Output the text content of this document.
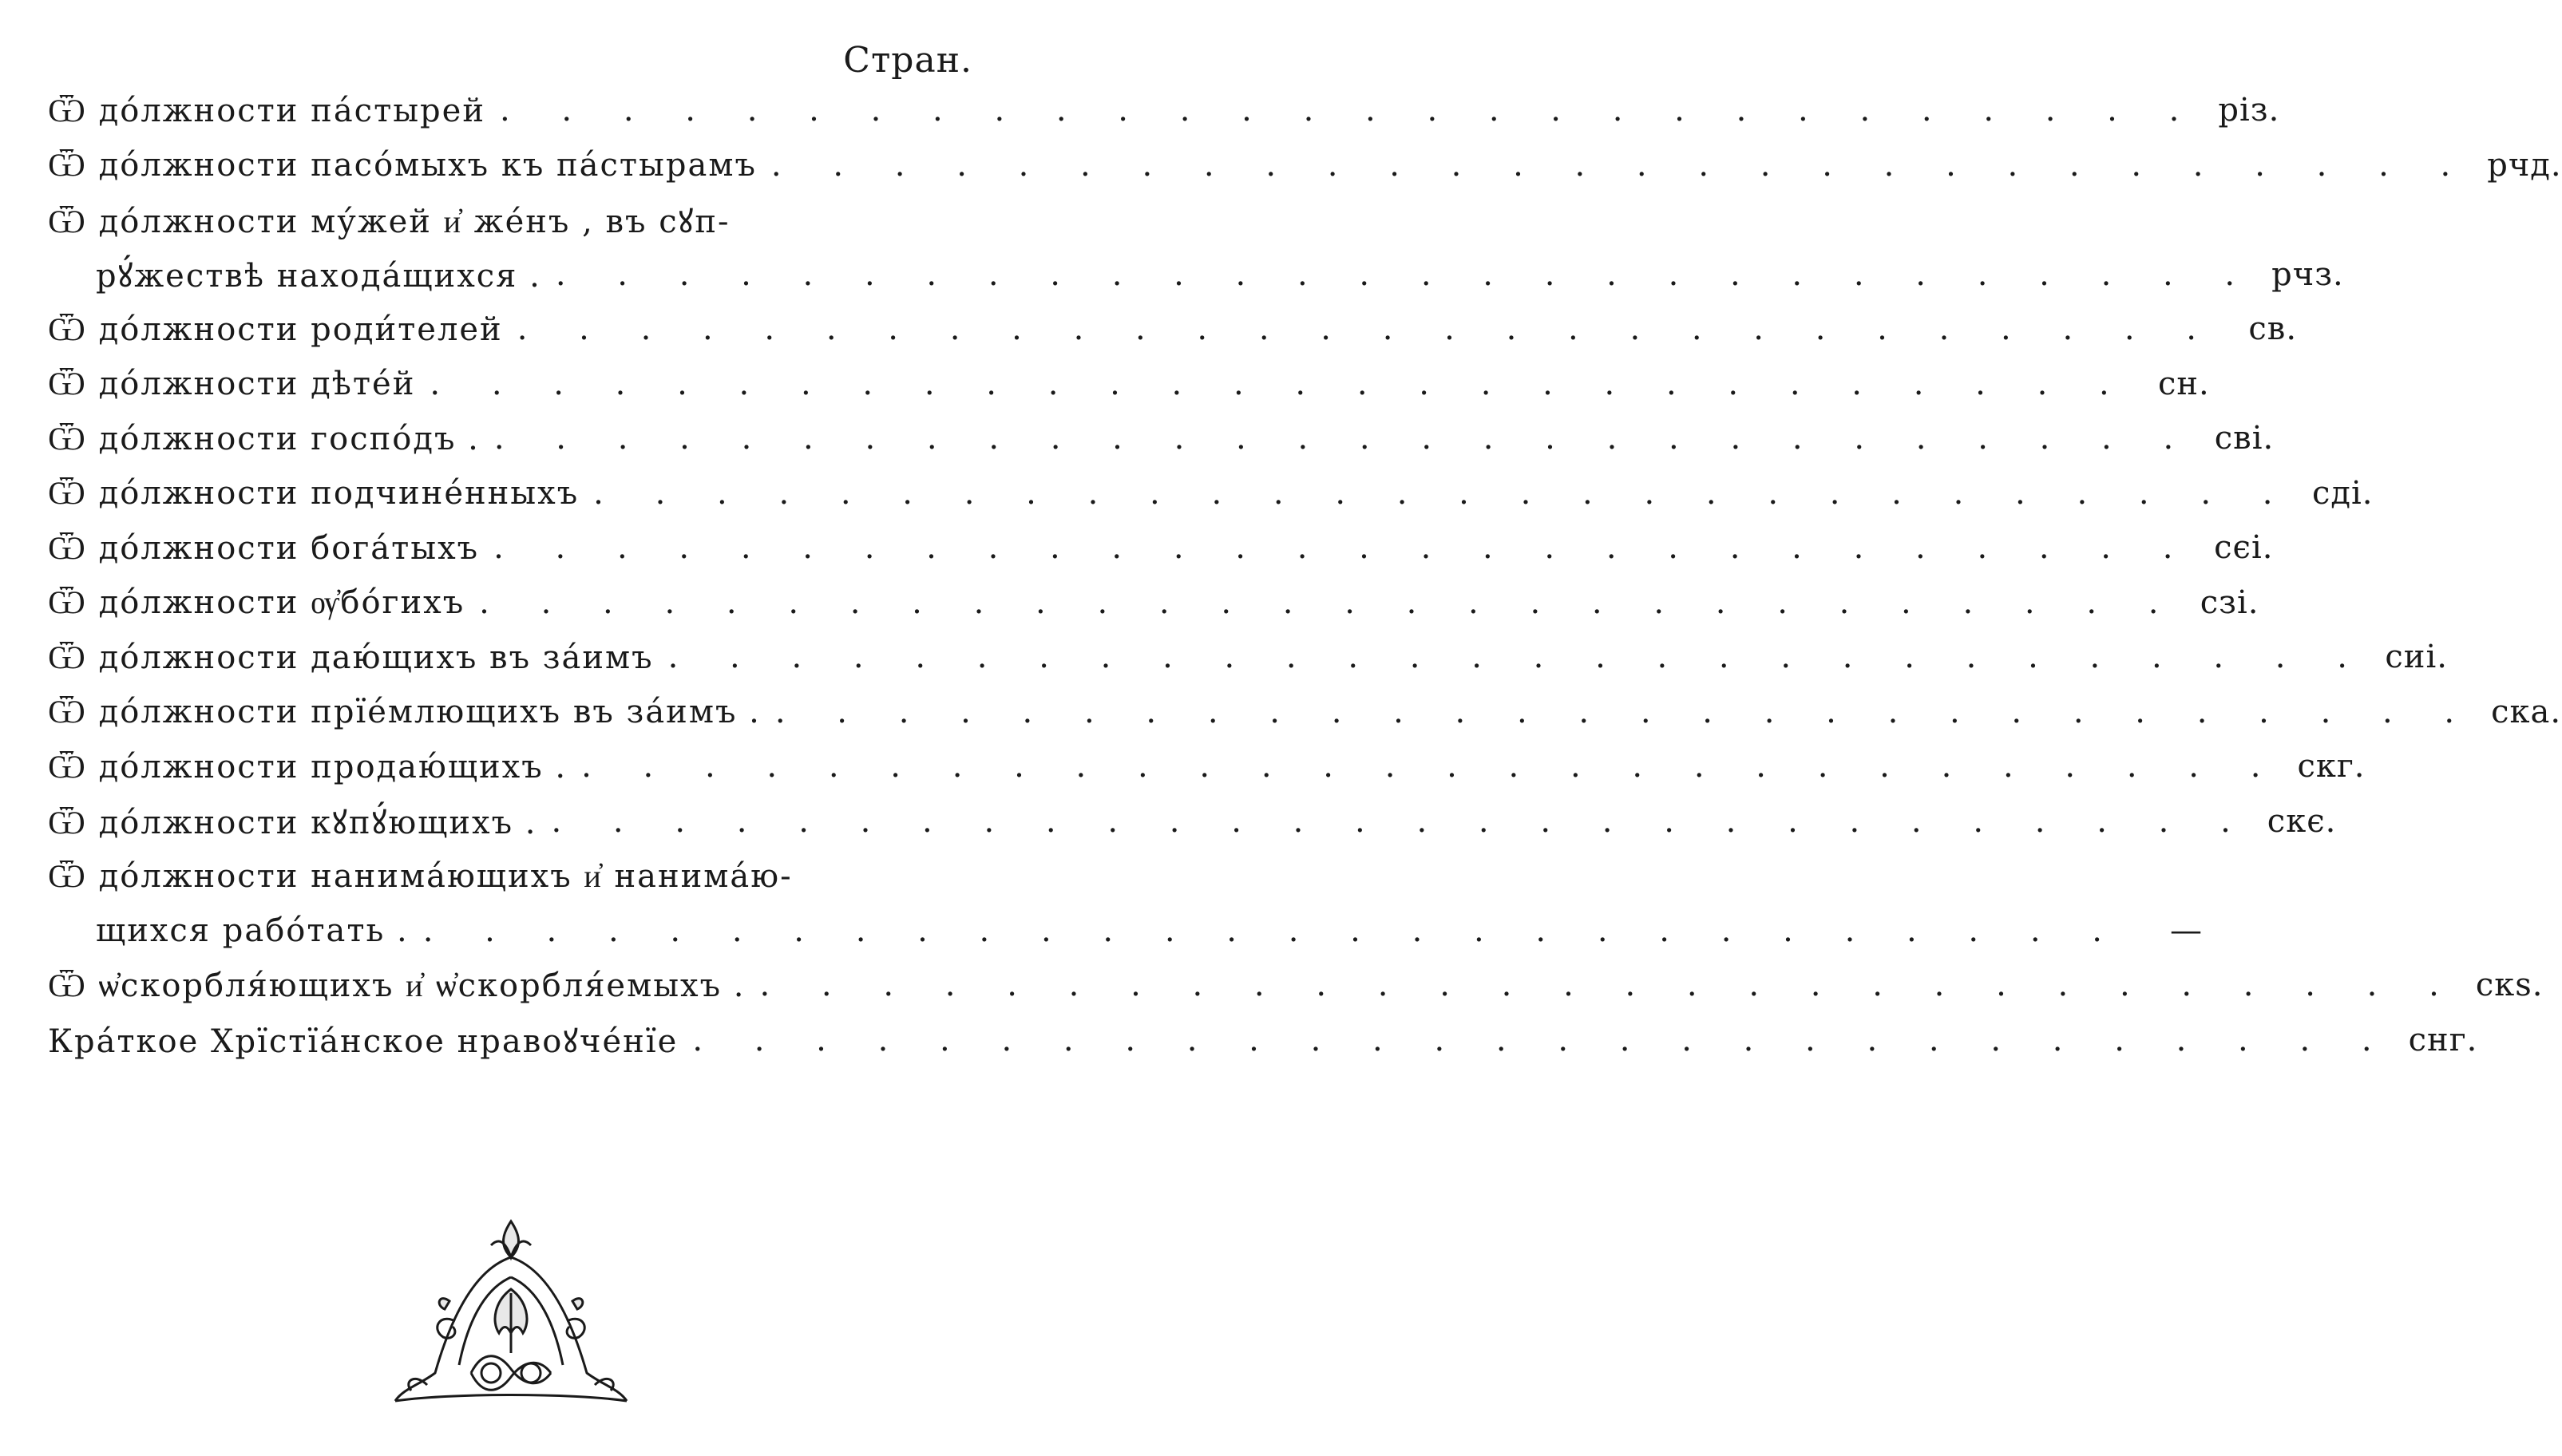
Стран.
Ѿ до́лжности па́стырей . . . . . . . . . . . . . . . . . . . . . . . . . . . . різ.
Ѿ до́лжности пасо́мыхъ къ па́стырамъ . . . . . . . . . . . . . . . . . . . . . . . . . . . . рчд.
Ѿ до́лжности му́жей и҆ же́нъ , въ сꙋп-
рꙋ́жествѣ находа́щихся . . . . . . . . . . . . . . . . . . . . . . . . . . . . . рчз.
Ѿ до́лжности роди́телей . . . . . . . . . . . . . . . . . . . . . . . . . . . . св.
Ѿ до́лжности дѣте́й . . . . . . . . . . . . . . . . . . . . . . . . . . . . сн.
Ѿ до́лжности госпо́дъ . . . . . . . . . . . . . . . . . . . . . . . . . . . . . сві.
Ѿ до́лжности подчине́нныхъ . . . . . . . . . . . . . . . . . . . . . . . . . . . . сді.
Ѿ до́лжности бога́тыхъ . . . . . . . . . . . . . . . . . . . . . . . . . . . . сєі.
Ѿ до́лжности ѹ҆бо́гихъ . . . . . . . . . . . . . . . . . . . . . . . . . . . . сзі.
Ѿ до́лжности даю́щихъ въ за́имъ . . . . . . . . . . . . . . . . . . . . . . . . . . . . сиі.
Ѿ до́лжности прїе́млющихъ въ за́имъ . . . . . . . . . . . . . . . . . . . . . . . . . . . . . ска.
Ѿ до́лжности продаю́щихъ . . . . . . . . . . . . . . . . . . . . . . . . . . . . . скг.
Ѿ до́лжности кꙋпꙋ́ющихъ . . . . . . . . . . . . . . . . . . . . . . . . . . . . . скє.
Ѿ до́лжности нанима́ющихъ и҆ нанима́ю-
щихся рабо́тать . . . . . . . . . . . . . . . . . . . . . . . . . . . . .	—
Ѿ ѡ҆скорбля́ющихъ и҆ ѡ҆скорбля́емыхъ . . . . . . . . . . . . . . . . . . . . . . . . . . . . . скѕ.
Кра́ткое Хрїстїа́нское нравоꙋче́нїе . . . . . . . . . . . . . . . . . . . . . . . . . . . . снг.
